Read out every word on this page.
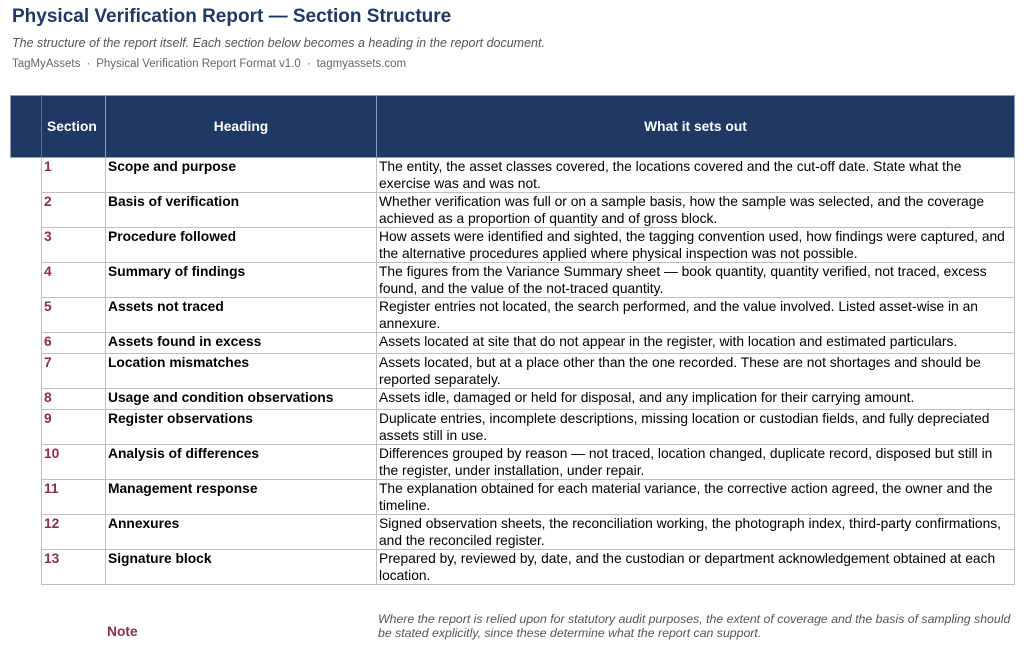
Physical Verification Report — Section Structure
The structure of the report itself. Each section below becomes a heading in the report document.
TagMyAssets · Physical Verification Report Format v1.0 · tagmyassets.com
	Section	Heading	What it sets out
	1	Scope and purpose	The entity, the asset classes covered, the locations covered and the cut-off date. State what the exercise was and was not.
	2	Basis of verification	Whether verification was full or on a sample basis, how the sample was selected, and the coverage achieved as a proportion of quantity and of gross block.
	3	Procedure followed	How assets were identified and sighted, the tagging convention used, how findings were captured, and the alternative procedures applied where physical inspection was not possible.
	4	Summary of findings	The figures from the Variance Summary sheet — book quantity, quantity verified, not traced, excess found, and the value of the not-traced quantity.
	5	Assets not traced	Register entries not located, the search performed, and the value involved. Listed asset-wise in an annexure.
	6	Assets found in excess	Assets located at site that do not appear in the register, with location and estimated particulars.
	7	Location mismatches	Assets located, but at a place other than the one recorded. These are not shortages and should be reported separately.
	8	Usage and condition observations	Assets idle, damaged or held for disposal, and any implication for their carrying amount.
	9	Register observations	Duplicate entries, incomplete descriptions, missing location or custodian fields, and fully depreciated assets still in use.
	10	Analysis of differences	Differences grouped by reason — not traced, location changed, duplicate record, disposed but still in the register, under installation, under repair.
	11	Management response	The explanation obtained for each material variance, the corrective action agreed, the owner and the timeline.
	12	Annexures	Signed observation sheets, the reconciliation working, the photograph index, third-party confirmations, and the reconciled register.
	13	Signature block	Prepared by, reviewed by, date, and the custodian or department acknowledgement obtained at each location.
Note
Where the report is relied upon for statutory audit purposes, the extent of coverage and the basis of sampling should be stated explicitly, since these determine what the report can support.
